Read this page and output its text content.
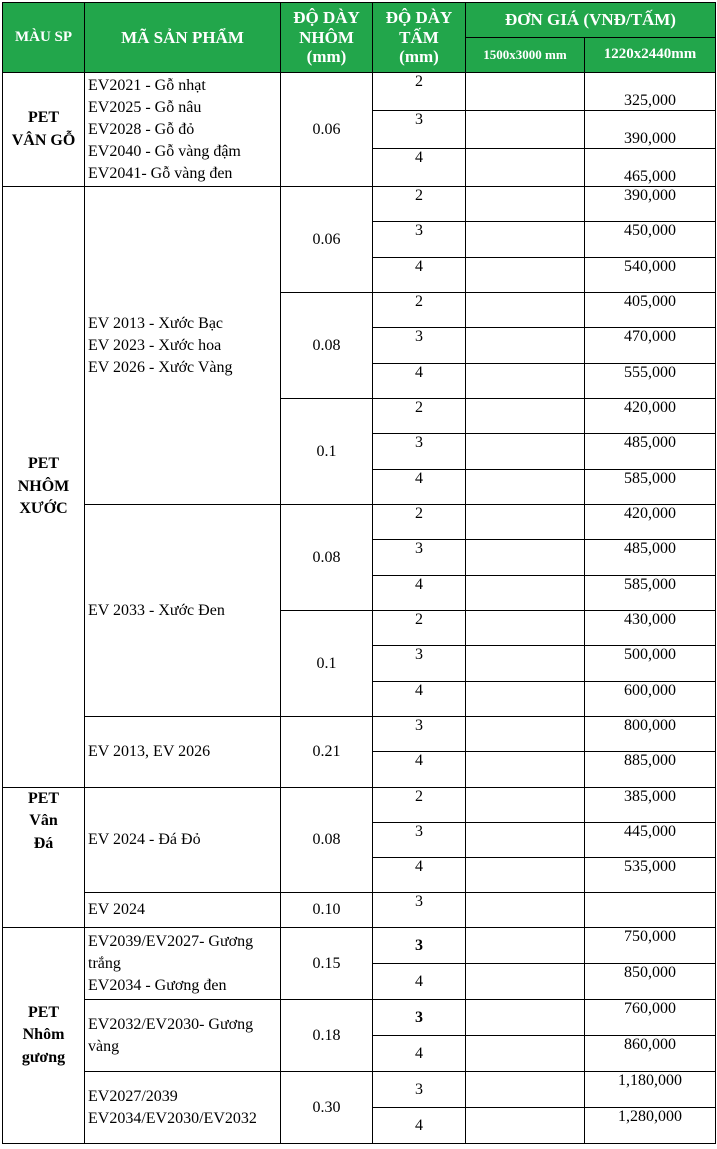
MÀU SP	MÃ SẢN PHẨM	ĐỘ DÀY
NHÔM
(mm)	ĐỘ DÀY
TẤM
(mm)	ĐƠN GIÁ (VNĐ/TẤM)	
				1500x3000 mm	1220x2440mm
PET
VÂN GỖ	EV2021 - Gỗ nhạt
EV2025 - Gỗ nâu
EV2028 - Gỗ đỏ
EV2040 - Gỗ vàng đậm
EV2041- Gỗ vàng đen	0.06	2		325,000
			3		390,000
			4		465,000
PET
NHÔM
XƯỚC	EV 2013 - Xước Bạc
EV 2023 - Xước hoa
EV 2026 - Xước Vàng	0.06	2		390,000
			3		450,000
			4		540,000
		0.08	2		405,000
			3		470,000
			4		555,000
		0.1	2		420,000
			3		485,000
			4		585,000
	EV 2033 - Xước Đen	0.08	2		420,000
			3		485,000
			4		585,000
		0.1	2		430,000
			3		500,000
			4		600,000
	EV 2013, EV 2026	0.21	3		800,000
			4		885,000
PET
Vân
Đá	EV 2024 - Đá Đỏ	0.08	2		385,000
			3		445,000
			4		535,000
	EV 2024	0.10	3		
PET
Nhôm
gương	EV2039/EV2027- Gương trắng
EV2034 - Gương đen	0.15	3		750,000
			4		850,000
	EV2032/EV2030- Gương vàng	0.18	3		760,000
			4		860,000
	EV2027/2039
EV2034/EV2030/EV2032	0.30	3		1,180,000
			4		1,280,000
